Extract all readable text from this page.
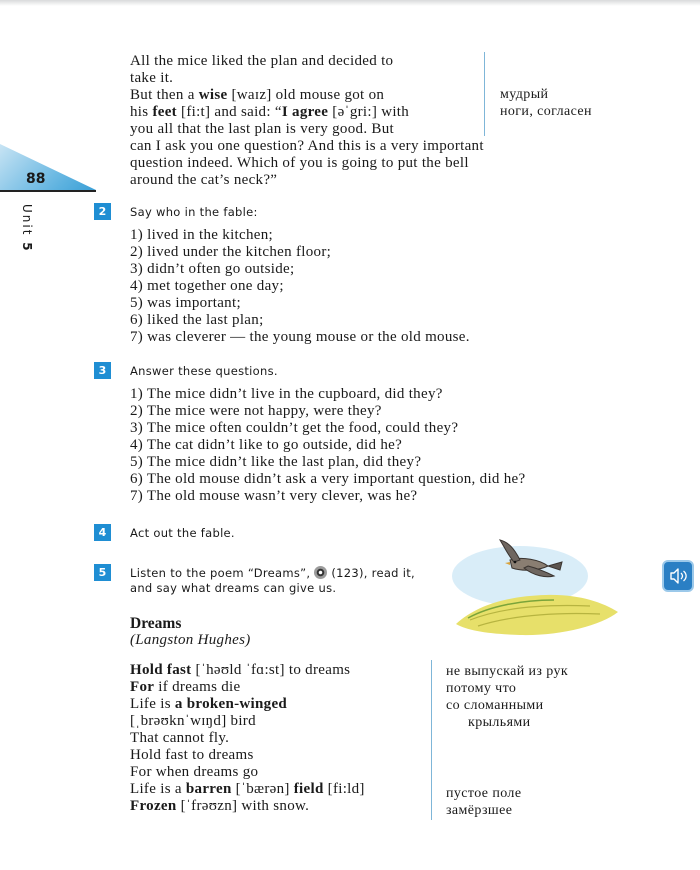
88
Unit 5
All the mice liked the plan and decided to
take it.
But then a wise [waɪz] old mouse got on
his feet [fi:t] and said: “I agree [əˈgri:] with
you all that the last plan is very good. But
can I ask you one question? And this is a very important
question indeed. Which of you is going to put the bell
around the cat’s neck?”
мудрый
ноги, согласен
2	Say who in the fable:
1) lived in the kitchen;
2) lived under the kitchen floor;
3) didn’t often go outside;
4) met together one day;
5) was important;
6) liked the last plan;
7) was cleverer — the young mouse or the old mouse.
3	Answer these questions.
1) The mice didn’t live in the cupboard, did they?
2) The mice were not happy, were they?
3) The mice often couldn’t get the food, could they?
4) The cat didn’t like to go outside, did he?
5) The mice didn’t like the last plan, did they?
6) The old mouse didn’t ask a very important question, did he?
7) The old mouse wasn’t very clever, was he?
4	Act out the fable.
5	Listen to the poem “Dreams”, (123), read it,
and say what dreams can give us.
Dreams
(Langston Hughes)
Hold fast [ˈhəʊld ˈfɑ:st] to dreams
For if dreams die
Life is a broken-winged
[ˌbrəʊknˈwɪŋd] bird
That cannot fly.
Hold fast to dreams
For when dreams go
Life is a barren [ˈbærən] field [fi:ld]
Frozen [ˈfrəʊzn] with snow.
не выпускай из рук
потому что
со сломанными
крыльями
пустое поле
замёрзшее
